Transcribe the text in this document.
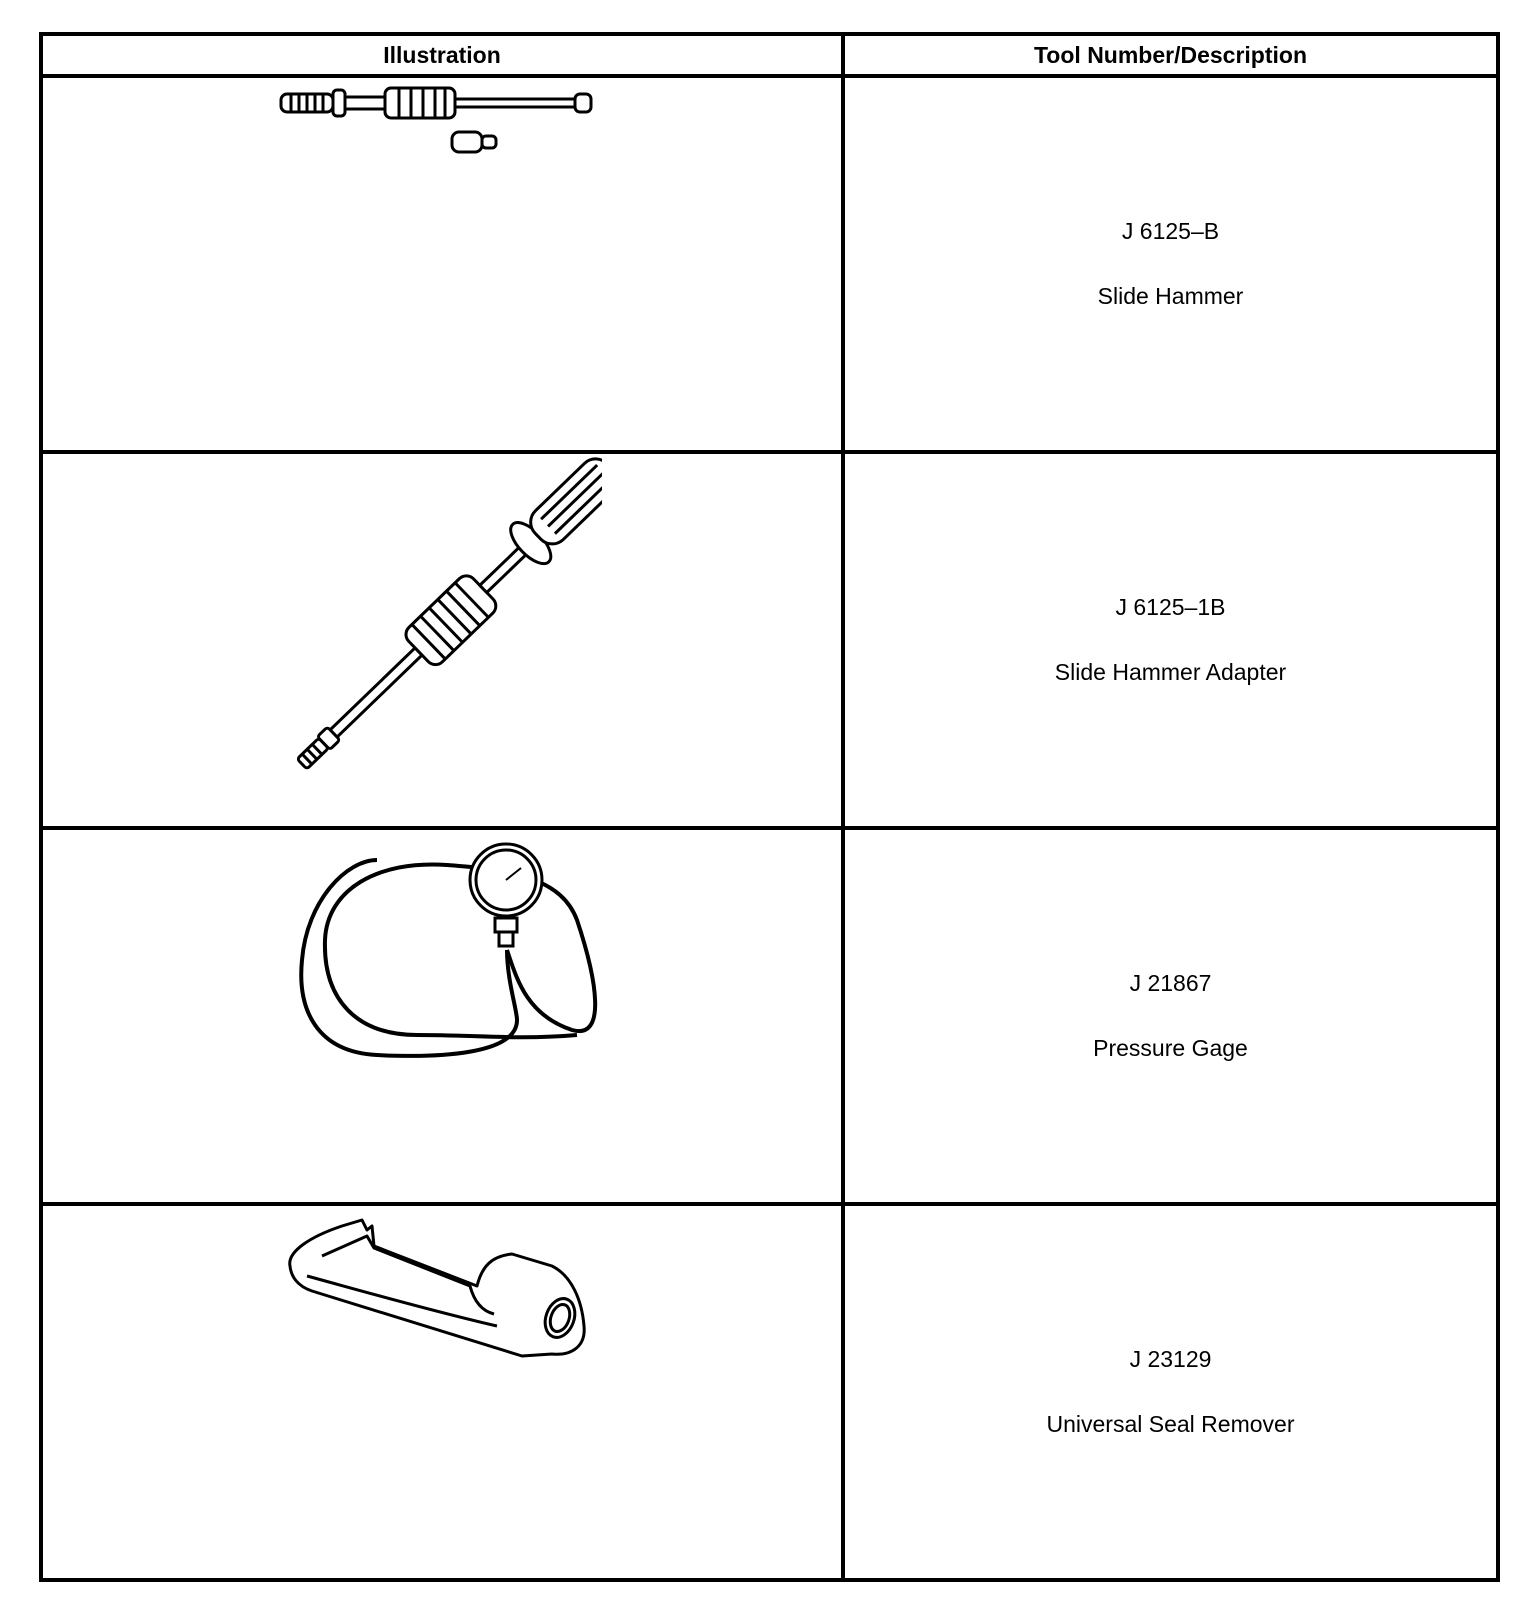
Illustration	Tool Number/Description

J 6125–B
Slide Hammer

J 6125–1B
Slide Hammer Adapter

J 21867
Pressure Gage

J 23129
Universal Seal Remover
